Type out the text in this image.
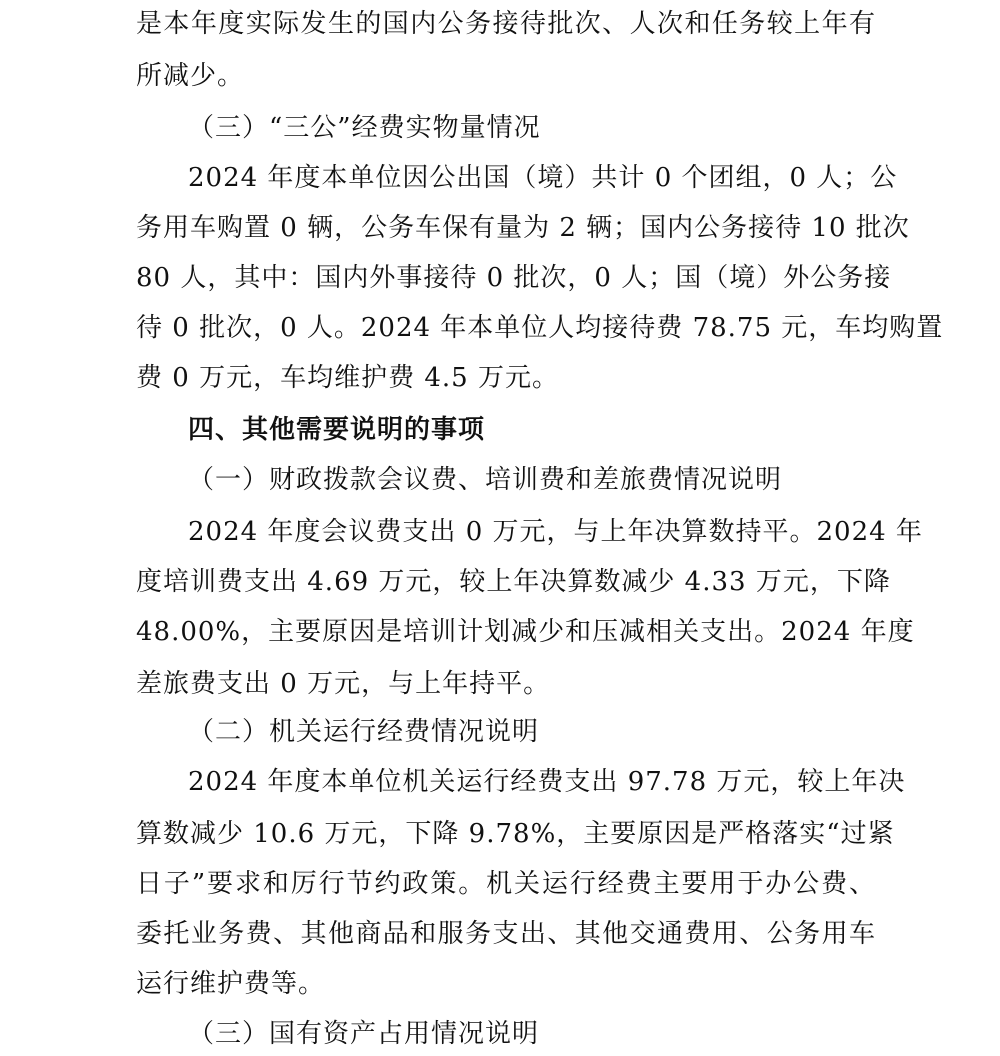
是本年度实际发生的国内公务接待批次、人次和任务较上年有
所减少。
（三）“三公”经费实物量情况
2024 年度本单位因公出国（境）共计 0 个团组，0 人；公
务用车购置 0 辆，公务车保有量为 2 辆；国内公务接待 10 批次
80 人，其中：国内外事接待 0 批次，0 人；国（境）外公务接
待 0 批次，0 人。2024 年本单位人均接待费 78.75 元，车均购置
费 0 万元，车均维护费 4.5 万元。
四、其他需要说明的事项
（一）财政拨款会议费、培训费和差旅费情况说明
2024 年度会议费支出 0 万元，与上年决算数持平。2024 年
度培训费支出 4.69 万元，较上年决算数减少 4.33 万元，下降
48.00%，主要原因是培训计划减少和压减相关支出。2024 年度
差旅费支出 0 万元，与上年持平。
（二）机关运行经费情况说明
2024 年度本单位机关运行经费支出 97.78 万元，较上年决
算数减少 10.6 万元，下降 9.78%，主要原因是严格落实“过紧
日子”要求和厉行节约政策。机关运行经费主要用于办公费、
委托业务费、其他商品和服务支出、其他交通费用、公务用车
运行维护费等。
（三）国有资产占用情况说明
